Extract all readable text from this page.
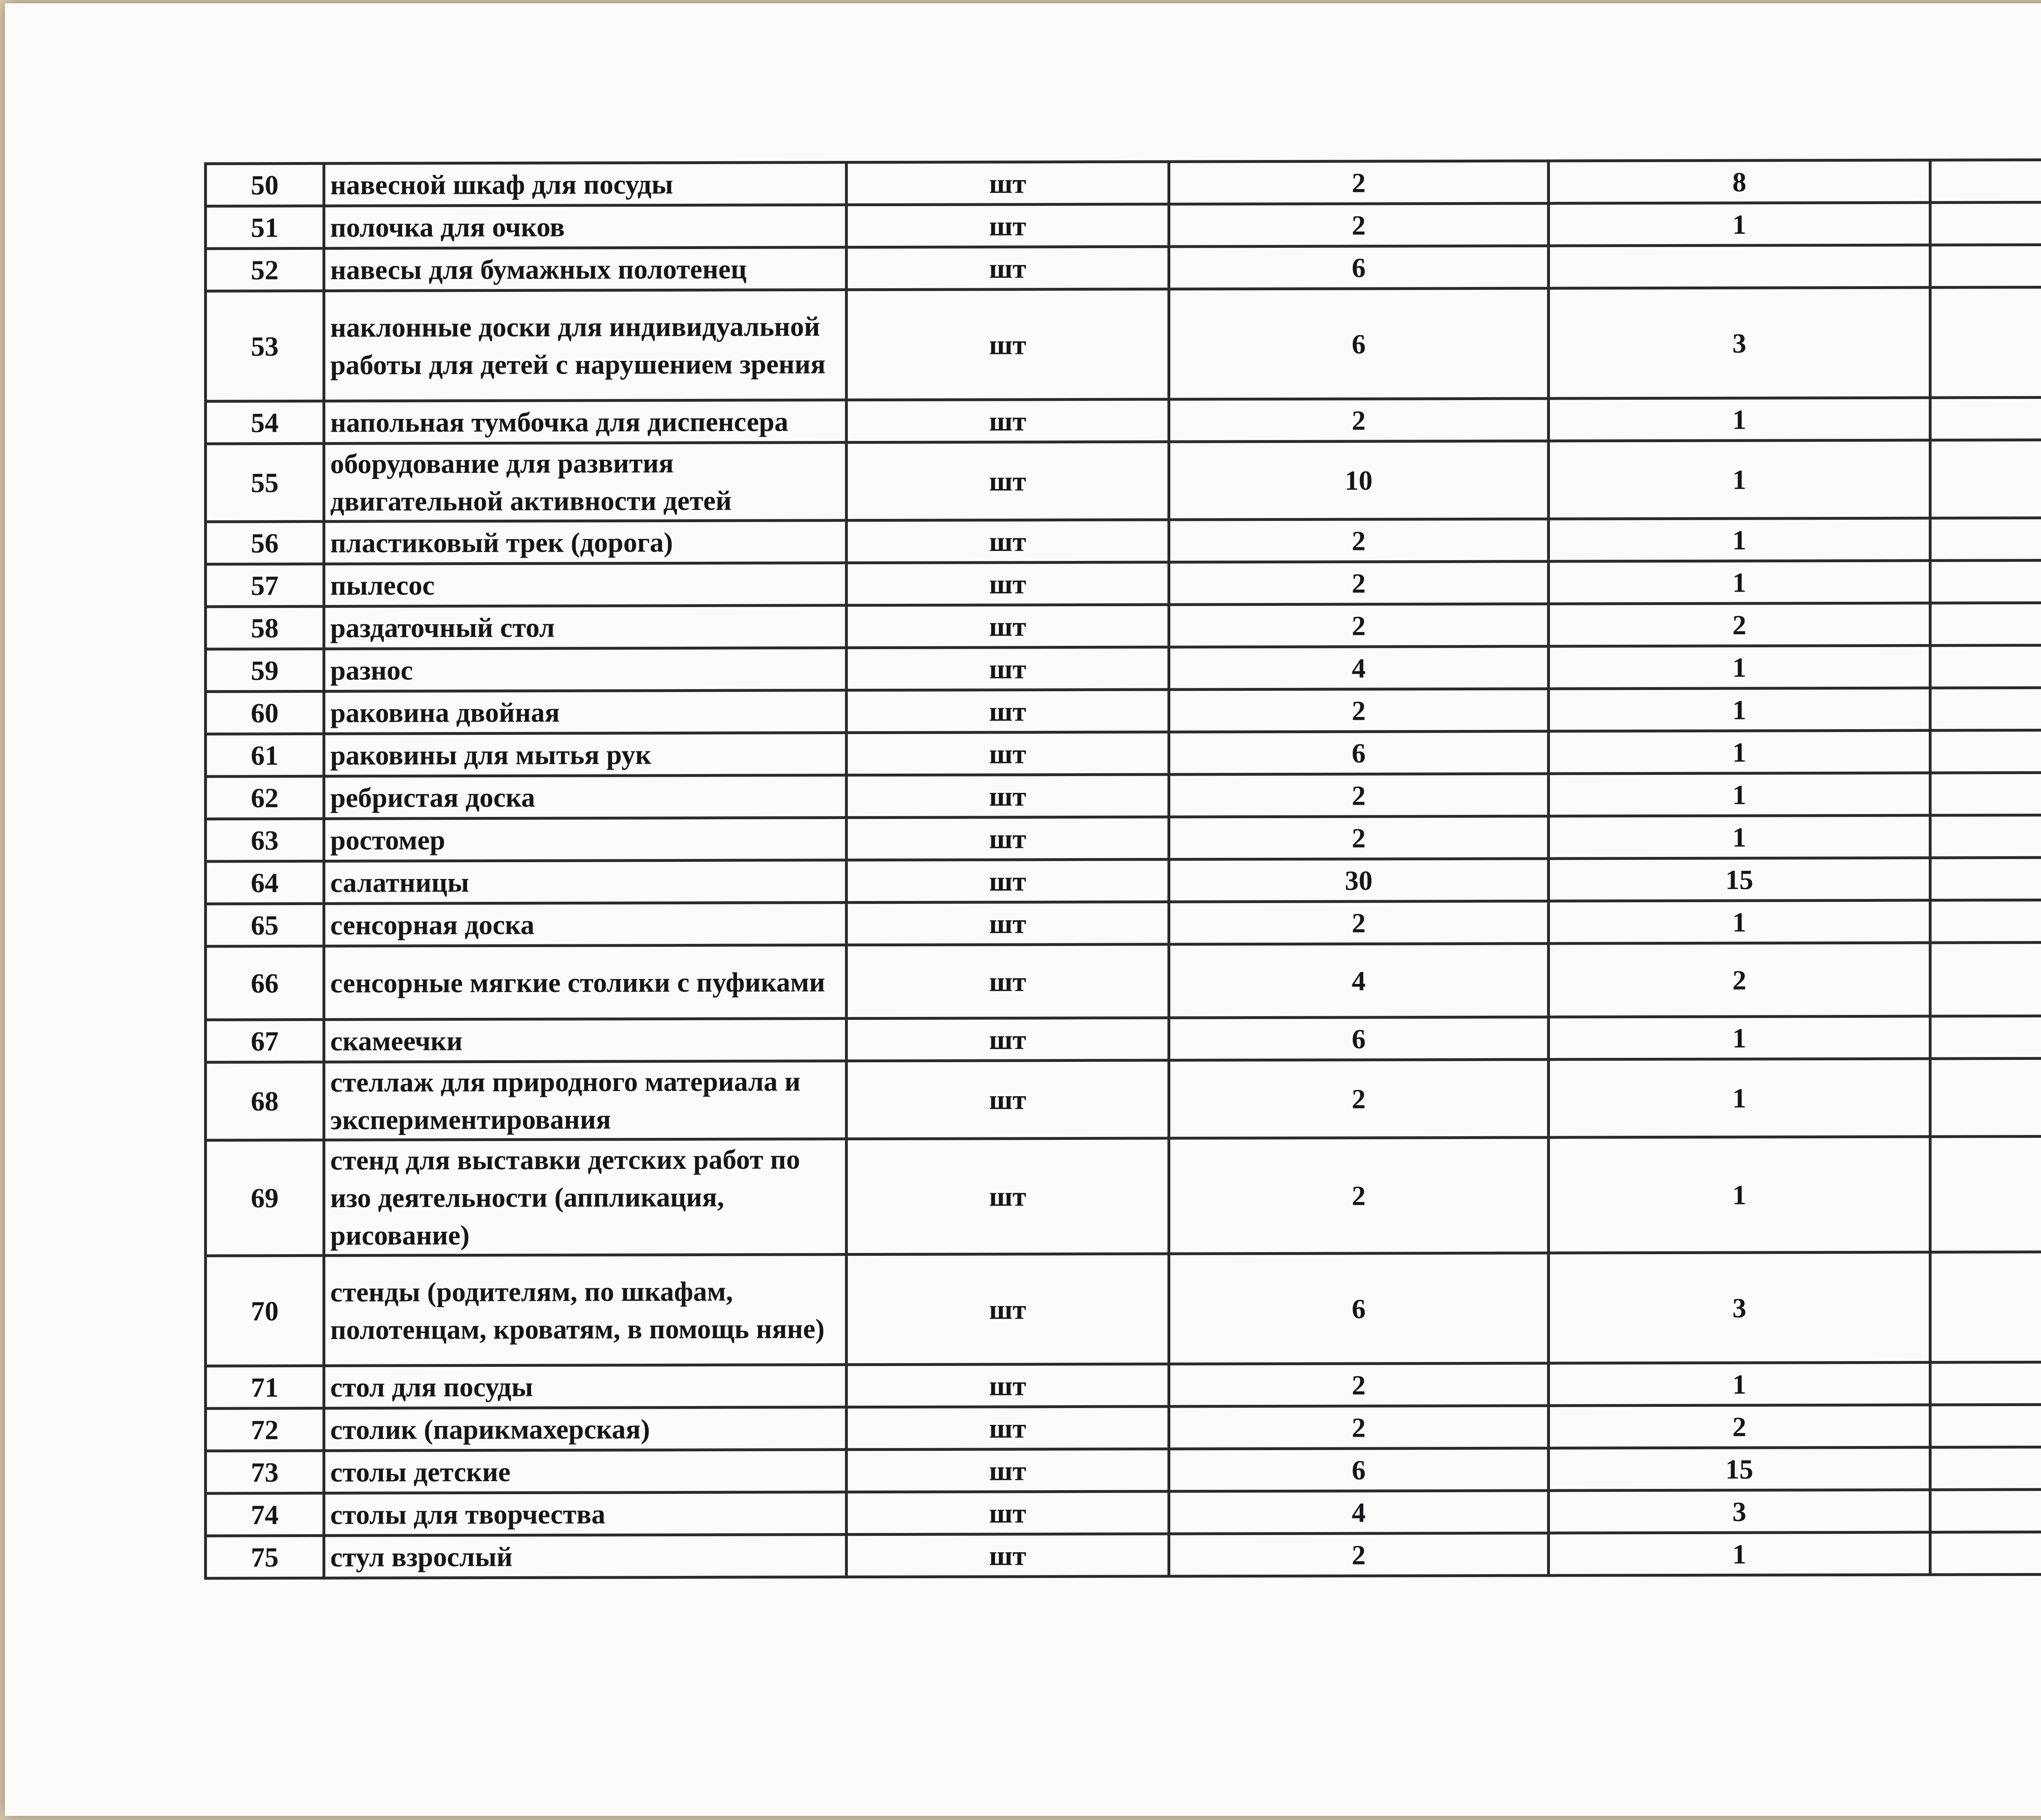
50	навесной шкаф для посуды	шт	2	8	
51	полочка для очков	шт	2	1	
52	навесы для бумажных полотенец	шт	6		
53	наклонные доски для индивидуальной работы для детей с нарушением зрения	шт	6	3	
54	напольная тумбочка для диспенсера	шт	2	1	
55	оборудование для развития двигательной активности детей	шт	10	1	
56	пластиковый трек (дорога)	шт	2	1	
57	пылесос	шт	2	1	
58	раздаточный стол	шт	2	2	
59	разнос	шт	4	1	
60	раковина двойная	шт	2	1	
61	раковины для мытья рук	шт	6	1	
62	ребристая доска	шт	2	1	
63	ростомер	шт	2	1	
64	салатницы	шт	30	15	
65	сенсорная доска	шт	2	1	
66	сенсорные мягкие столики с пуфиками	шт	4	2	
67	скамеечки	шт	6	1	
68	стеллаж для природного материала и экспериментирования	шт	2	1	
69	стенд для выставки детских работ по изо деятельности (аппликация, рисование)	шт	2	1	
70	стенды (родителям, по шкафам, полотенцам, кроватям, в помощь няне)	шт	6	3	
71	стол для посуды	шт	2	1	
72	столик (парикмахерская)	шт	2	2	
73	столы детские	шт	6	15	
74	столы для творчества	шт	4	3	
75	стул взрослый	шт	2	1	
